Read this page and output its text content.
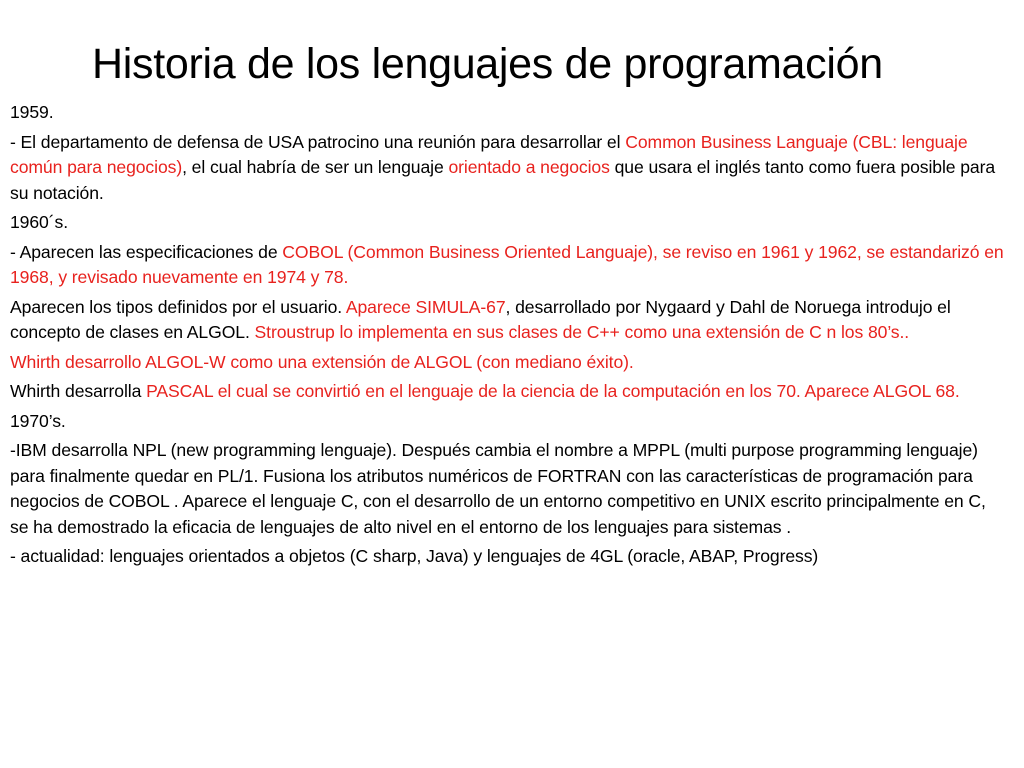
Historia de los lenguajes de programación

1959.

- El departamento de defensa de USA patrocino una reunión para desarrollar el Common Business Languaje (CBL: lenguaje común para negocios), el cual habría de ser un lenguaje orientado a negocios que usara el inglés tanto como fuera posible para su notación.

1960´s.

- Aparecen las especificaciones de COBOL (Common Business Oriented Languaje), se reviso en 1961 y 1962, se estandarizó en 1968, y revisado nuevamente en 1974 y 78.

Aparecen los tipos definidos por el usuario. Aparece SIMULA-67, desarrollado por Nygaard y Dahl de Noruega introdujo el concepto de clases en ALGOL. Stroustrup lo implementa en sus clases de C++ como una extensión de C n los 80’s..

Whirth desarrollo ALGOL-W como una extensión de ALGOL (con mediano éxito).

Whirth desarrolla PASCAL el cual se convirtió en el lenguaje de la ciencia de la computación en los 70. Aparece ALGOL 68.

1970’s.

-IBM desarrolla NPL (new programming lenguaje). Después cambia el nombre a MPPL (multi purpose programming lenguaje) para finalmente quedar en PL/1. Fusiona los atributos numéricos de FORTRAN con las características de programación para negocios de COBOL . Aparece el lenguaje C, con el desarrollo de un entorno competitivo en UNIX escrito principalmente en C, se ha demostrado la eficacia de lenguajes de alto nivel en el entorno de los lenguajes para sistemas .

- actualidad: lenguajes orientados a objetos (C sharp, Java) y lenguajes de 4GL (oracle, ABAP, Progress)
